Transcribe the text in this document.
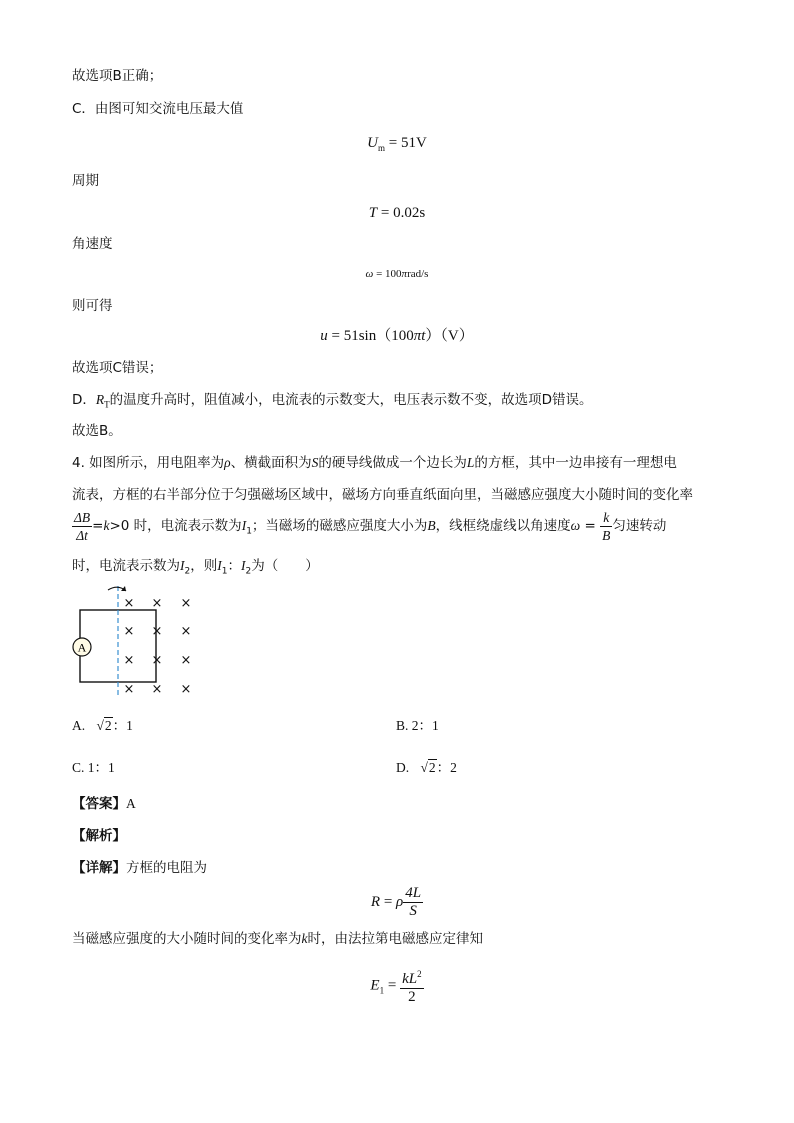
故选项B正确；
C．由图可知交流电压最大值
$U_m = 51V$
周期
T = 0.02s
角速度
ω = 100πrad/s
则可得
u = 51sin（100πt）（V）
故选项C错误；
D．$R_T$的温度升高时，阻值减小，电流表的示数变大，电压表示数不变，故选项D错误。
故选B。
4. 如图所示，用电阻率为ρ、横截面积为S的硬导线做成一个边长为L的方框，其中一边串接有一理想电
流表，方框的右半部分位于匀强磁场区域中，磁场方向垂直纸面向里，当磁感应强度大小随时间的变化率
$\frac{\Delta B}{\Delta t} =k>0$ 时，电流表示数为$I_1$；当磁场的磁感应强度大小为B，线框绕虚线以角速度$\omega = \frac{k}{B}$ 匀速转动
时，电流表示数为$I_2$，则$I_1$：$I_2$为（　　）
A
× × ×
× × ×
× × ×
× × ×
A. √2：1	B. 2：1
C. 1：1	D. √2：2
【答案】A
【解析】
【详解】方框的电阻为
R = ρ $\frac{4L}{S}$
当磁感应强度的大小随时间的变化率为k时，由法拉第电磁感应定律知
$E_1 = \frac{kL^2}{2}$
